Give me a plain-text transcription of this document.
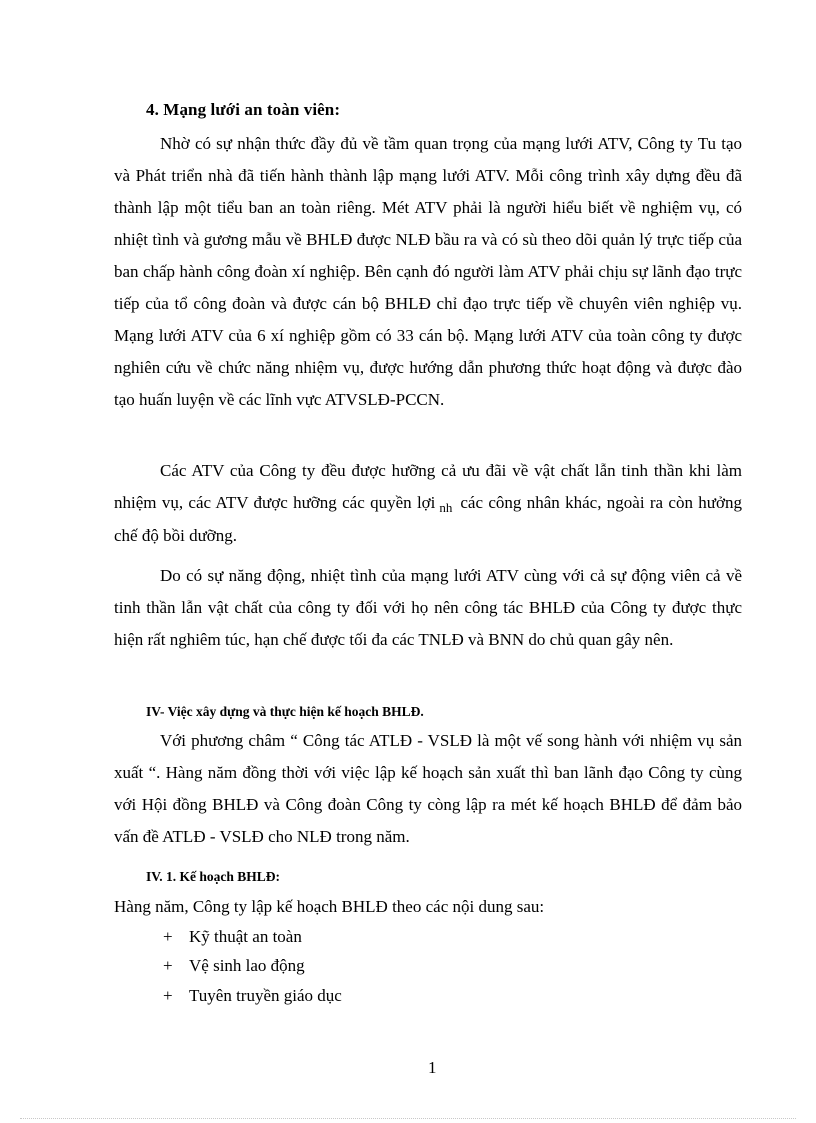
4. Mạng lưới an toàn viên:
Nhờ có sự nhận thức đầy đủ về tầm quan trọng của mạng lưới ATV, Công ty Tu tạo và Phát triển nhà đã tiến hành thành lập mạng lưới ATV. Mỗi công trình xây dựng đều đã thành lập một tiểu ban an toàn riêng. Mét ATV phải là người hiểu biết về nghiệm vụ, có nhiệt tình và gương mẫu về BHLĐ được NLĐ bầu ra và có sù theo dõi quản lý trực tiếp của ban chấp hành công đoàn xí nghiệp. Bên cạnh đó người làm ATV phải chịu sự lãnh đạo trực tiếp của tổ công đoàn và được cán bộ BHLĐ chỉ đạo trực tiếp về chuyên viên nghiệp vụ. Mạng lưới ATV của 6 xí nghiệp gồm có 33 cán bộ. Mạng lưới ATV của toàn công ty được nghiên cứu về chức năng nhiệm vụ, được hướng dẫn phương thức hoạt động và được đào tạo huấn luyện về các lĩnh vực ATVSLĐ-PCCN.
Các ATV của Công ty đều được hưỡng cả ưu đãi về vật chất lẫn tinh thần khi làm nhiệm vụ, các ATV được hưỡng các quyền lợi $_{nh}$ các công nhân khác, ngoài ra còn hưởng chế độ bồi dưỡng.
Do có sự năng động, nhiệt tình của mạng lưới ATV cùng với cả sự động viên cả về tinh thần lẫn vật chất của công ty đối với họ nên công tác BHLĐ của Công ty được thực hiện rất nghiêm túc, hạn chế được tối đa các TNLĐ và BNN do chủ quan gây nên.
IV- Việc xây dựng và thực hiện kế hoạch BHLĐ.
Với phương châm “ Công tác ATLĐ - VSLĐ là một vế song hành với nhiệm vụ sản xuất “. Hàng năm đồng thời với việc lập kế hoạch sản xuất thì ban lãnh đạo Công ty cùng với Hội đồng BHLĐ và Công đoàn Công ty còng lập ra mét kế hoạch BHLĐ để đảm bảo vấn đề ATLĐ - VSLĐ cho NLĐ trong năm.
IV. 1. Kế hoạch BHLĐ:
Hàng năm, Công ty lập kế hoạch BHLĐ theo các nội dung sau:
+ Kỹ thuật an toàn
+ Vệ sinh lao động
+ Tuyên truyền giáo dục
1
